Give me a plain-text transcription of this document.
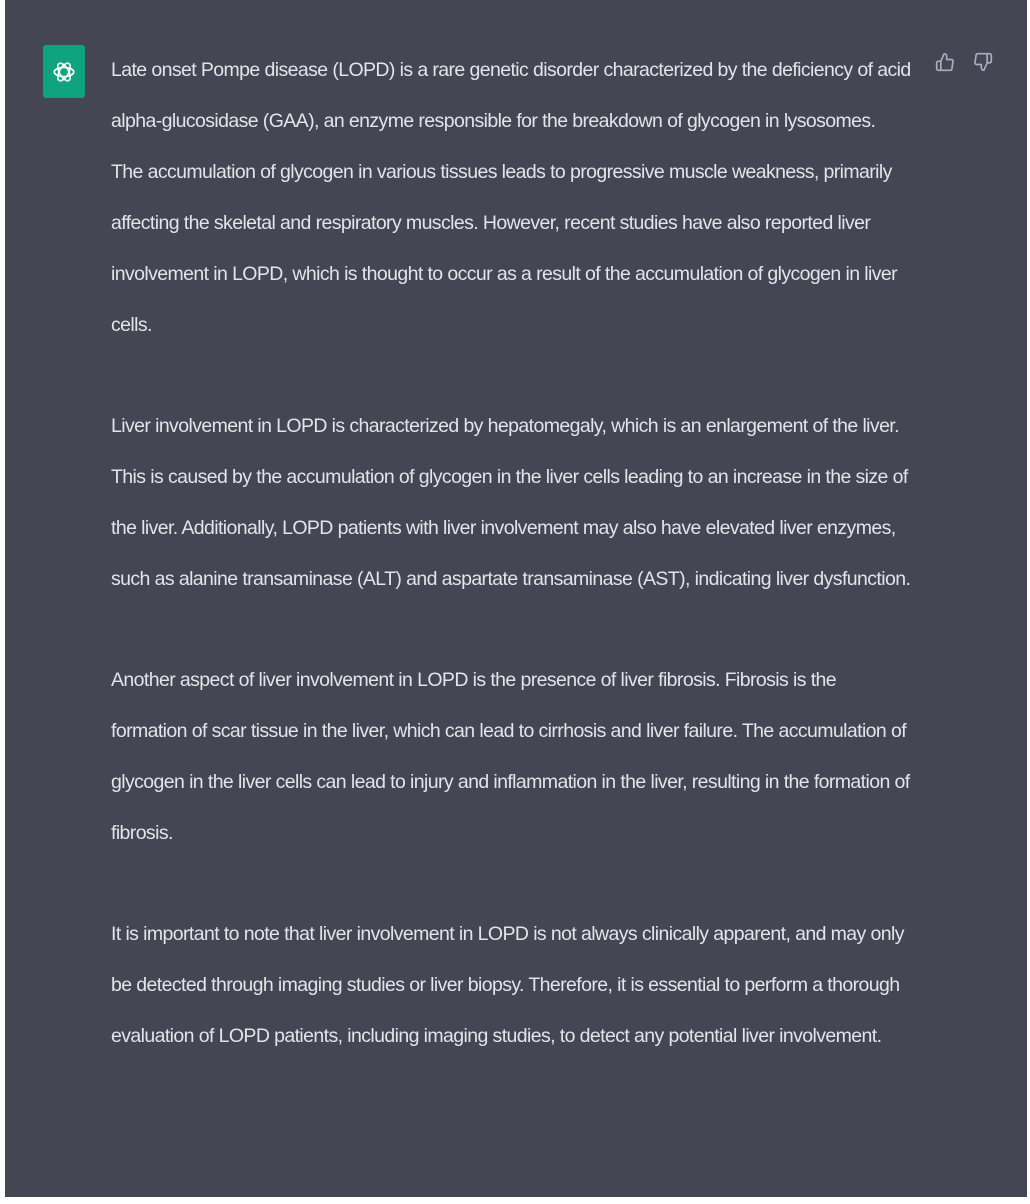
Late onset Pompe disease (LOPD) is a rare genetic disorder characterized by the deficiency of acid alpha-glucosidase (GAA), an enzyme responsible for the breakdown of glycogen in lysosomes. The accumulation of glycogen in various tissues leads to progressive muscle weakness, primarily affecting the skeletal and respiratory muscles. However, recent studies have also reported liver involvement in LOPD, which is thought to occur as a result of the accumulation of glycogen in liver cells.

Liver involvement in LOPD is characterized by hepatomegaly, which is an enlargement of the liver. This is caused by the accumulation of glycogen in the liver cells leading to an increase in the size of the liver. Additionally, LOPD patients with liver involvement may also have elevated liver enzymes, such as alanine transaminase (ALT) and aspartate transaminase (AST), indicating liver dysfunction.

Another aspect of liver involvement in LOPD is the presence of liver fibrosis. Fibrosis is the formation of scar tissue in the liver, which can lead to cirrhosis and liver failure. The accumulation of glycogen in the liver cells can lead to injury and inflammation in the liver, resulting in the formation of fibrosis.

It is important to note that liver involvement in LOPD is not always clinically apparent, and may only be detected through imaging studies or liver biopsy. Therefore, it is essential to perform a thorough evaluation of LOPD patients, including imaging studies, to detect any potential liver involvement.
